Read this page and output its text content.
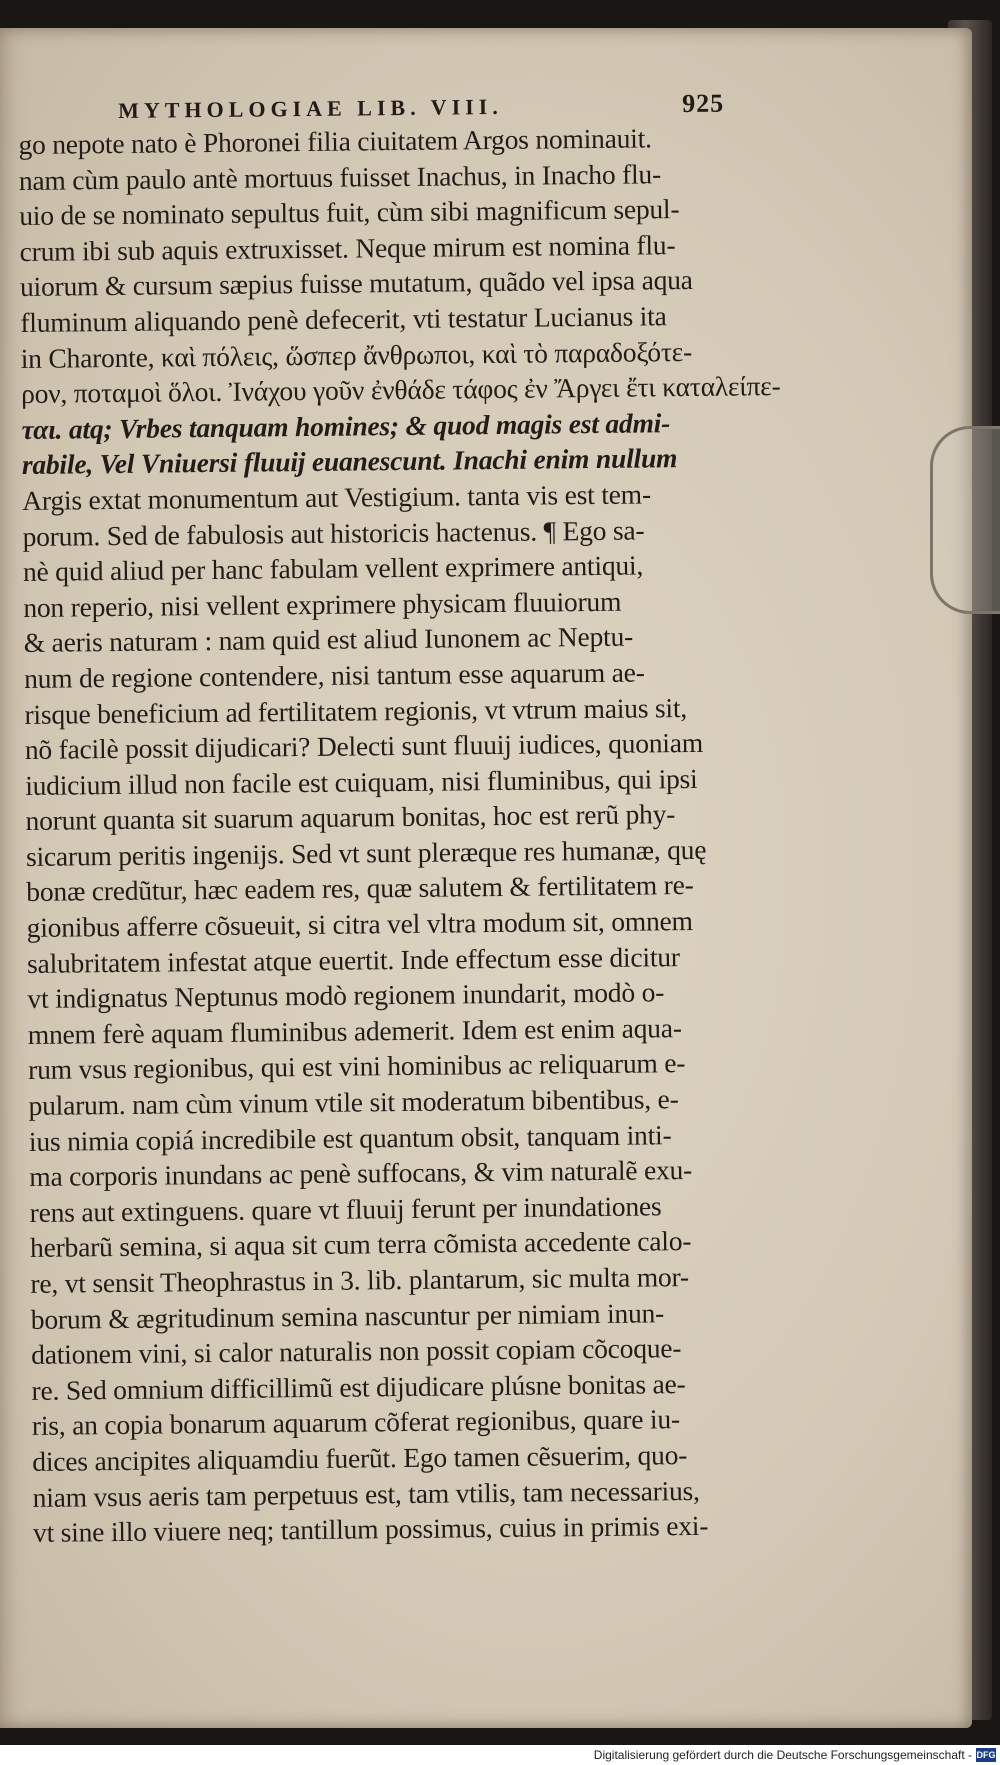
MYTHOLOGIAE LIB. VIII.	925
go nepote nato è Phoronei filia ciuitatem Argos nominauit.
nam cùm paulo antè mortuus fuisset Inachus, in Inacho flu-
uio de se nominato sepultus fuit, cùm sibi magnificum sepul-
crum ibi sub aquis extruxisset. Neque mirum est nomina flu-
uiorum & cursum sæpius fuisse mutatum, quãdo vel ipsa aqua
fluminum aliquando penè defecerit, vti testatur Lucianus ita
in Charonte, καὶ πόλεις, ὥσπερ ἄνθρωποι, καὶ τὸ παραδοξότε-
ρον, ποταμοὶ ὅλοι. Ἰνάχου γοῦν ἐνθάδε τάφος ἐν Ἄργει ἔτι καταλείπε-
ται. atq; Vrbes tanquam homines; & quod magis est admi-
rabile, Vel Vniuersi fluuij euanescunt. Inachi enim nullum
Argis extat monumentum aut Vestigium. tanta vis est tem-
porum. Sed de fabulosis aut historicis hactenus. ¶ Ego sa-
nè quid aliud per hanc fabulam vellent exprimere antiqui,
non reperio, nisi vellent exprimere physicam fluuiorum
& aeris naturam : nam quid est aliud Iunonem ac Neptu-
num de regione contendere, nisi tantum esse aquarum ae-
risque beneficium ad fertilitatem regionis, vt vtrum maius sit,
nõ facilè possit dijudicari? Delecti sunt fluuij iudices, quoniam
iudicium illud non facile est cuiquam, nisi fluminibus, qui ipsi
norunt quanta sit suarum aquarum bonitas, hoc est rerũ phy-
sicarum peritis ingenijs. Sed vt sunt pleræque res humanæ, quę
bonæ credũtur, hæc eadem res, quæ salutem & fertilitatem re-
gionibus afferre cõsueuit, si citra vel vltra modum sit, omnem
salubritatem infestat atque euertit. Inde effectum esse dicitur
vt indignatus Neptunus modò regionem inundarit, modò o-
mnem ferè aquam fluminibus ademerit. Idem est enim aqua-
rum vsus regionibus, qui est vini hominibus ac reliquarum e-
pularum. nam cùm vinum vtile sit moderatum bibentibus, e-
ius nimia copiá incredibile est quantum obsit, tanquam inti-
ma corporis inundans ac penè suffocans, & vim naturalẽ exu-
rens aut extinguens. quare vt fluuij ferunt per inundationes
herbarũ semina, si aqua sit cum terra cõmista accedente calo-
re, vt sensit Theophrastus in 3. lib. plantarum, sic multa mor-
borum & ægritudinum semina nascuntur per nimiam inun-
dationem vini, si calor naturalis non possit copiam cõcoque-
re. Sed omnium difficillimũ est dijudicare plúsne bonitas ae-
ris, an copia bonarum aquarum cõferat regionibus, quare iu-
dices ancipites aliquamdiu fuerũt. Ego tamen cẽsuerim, quo-
niam vsus aeris tam perpetuus est, tam vtilis, tam necessarius,
vt sine illo viuere neq; tantillum possimus, cuius in primis exi-
Digitalisierung gefördert durch die Deutsche Forschungsgemeinschaft - DFG
